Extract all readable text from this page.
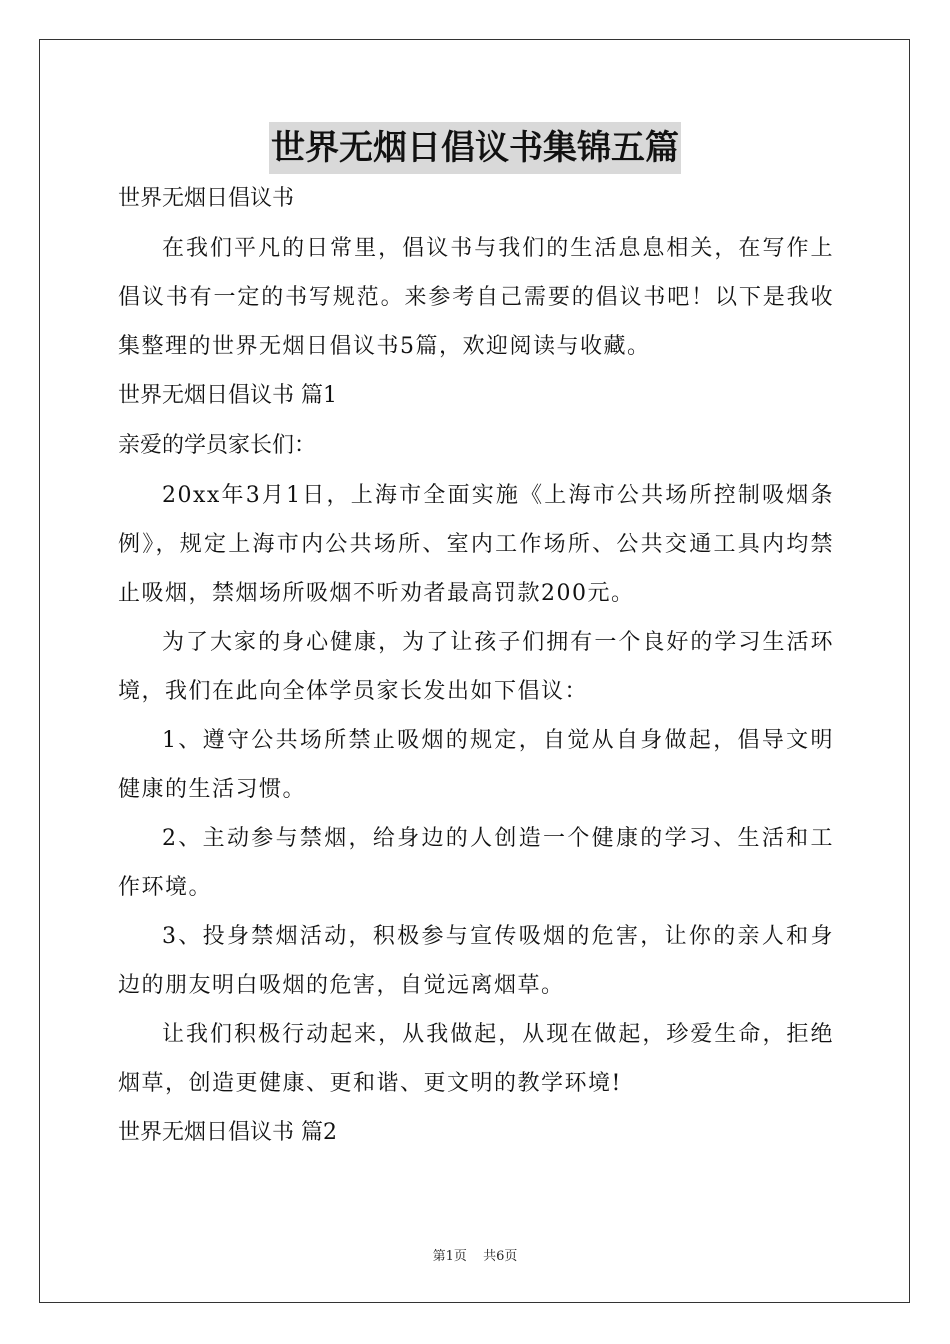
世界无烟日倡议书集锦五篇

世界无烟日倡议书

在我们平凡的日常里，倡议书与我们的生活息息相关，在写作上倡议书有一定的书写规范。来参考自己需要的倡议书吧！以下是我收集整理的世界无烟日倡议书5篇，欢迎阅读与收藏。

世界无烟日倡议书 篇1

亲爱的学员家长们：

20xx年3月1日，上海市全面实施《上海市公共场所控制吸烟条例》，规定上海市内公共场所、室内工作场所、公共交通工具内均禁止吸烟，禁烟场所吸烟不听劝者最高罚款200元。

为了大家的身心健康，为了让孩子们拥有一个良好的学习生活环境，我们在此向全体学员家长发出如下倡议：

1、遵守公共场所禁止吸烟的规定，自觉从自身做起，倡导文明健康的生活习惯。

2、主动参与禁烟，给身边的人创造一个健康的学习、生活和工作环境。

3、投身禁烟活动，积极参与宣传吸烟的危害，让你的亲人和身边的朋友明白吸烟的危害，自觉远离烟草。

让我们积极行动起来，从我做起，从现在做起，珍爱生命，拒绝烟草，创造更健康、更和谐、更文明的教学环境!

世界无烟日倡议书 篇2

第1页 共6页
